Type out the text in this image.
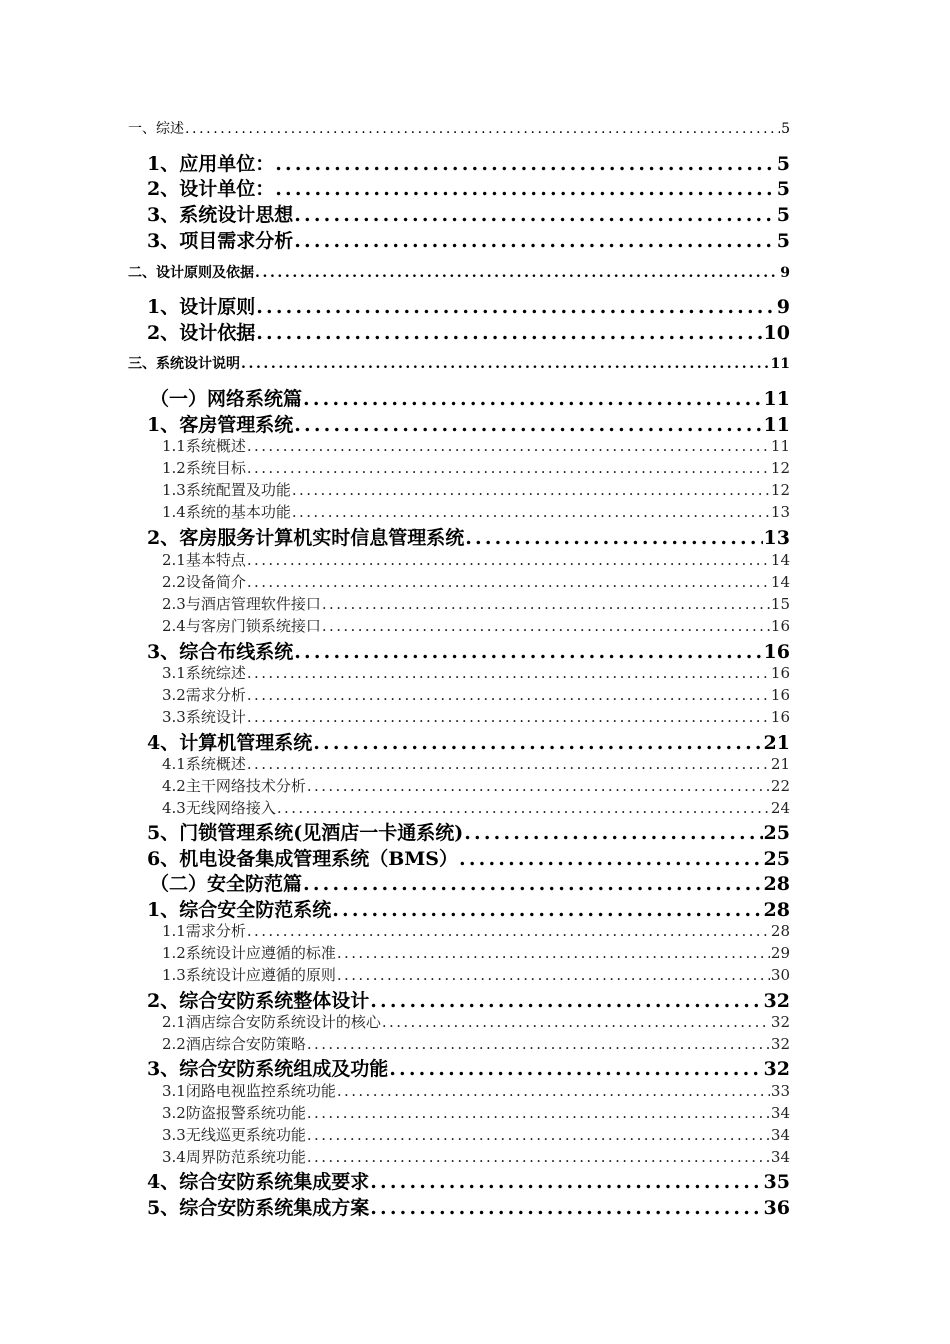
一、综述 .....	5
1、应用单位： .....	5
2、设计单位： .....	5
3、系统设计思想 .....	5
3、项目需求分析 .....	5
二、设计原则及依据 .....	9
1、设计原则 .....	9
2、设计依据 .....	10
三、系统设计说明 .....	11
（一）网络系统篇 .....	11
1、客房管理系统 .....	11
1.1系统概述 .....	11
1.2系统目标 .....	12
1.3系统配置及功能 .....	12
1.4系统的基本功能 .....	13
2、客房服务计算机实时信息管理系统 .....	13
2.1基本特点 .....	14
2.2设备简介 .....	14
2.3与酒店管理软件接口 .....	15
2.4与客房门锁系统接口 .....	16
3、综合布线系统 .....	16
3.1系统综述 .....	16
3.2需求分析 .....	16
3.3系统设计 .....	16
4、计算机管理系统 .....	21
4.1系统概述 .....	21
4.2主干网络技术分析 .....	22
4.3无线网络接入 .....	24
5、门锁管理系统(见酒店一卡通系统) .....	25
6、机电设备集成管理系统（BMS） .....	25
（二）安全防范篇 .....	28
1、综合安全防范系统 .....	28
1.1需求分析 .....	28
1.2系统设计应遵循的标准 .....	29
1.3系统设计应遵循的原则 .....	30
2、综合安防系统整体设计 .....	32
2.1酒店综合安防系统设计的核心 .....	32
2.2酒店综合安防策略 .....	32
3、综合安防系统组成及功能 .....	32
3.1闭路电视监控系统功能 .....	33
3.2防盗报警系统功能 .....	34
3.3无线巡更系统功能 .....	34
3.4周界防范系统功能 .....	34
4、综合安防系统集成要求 .....	35
5、综合安防系统集成方案 .....	36
